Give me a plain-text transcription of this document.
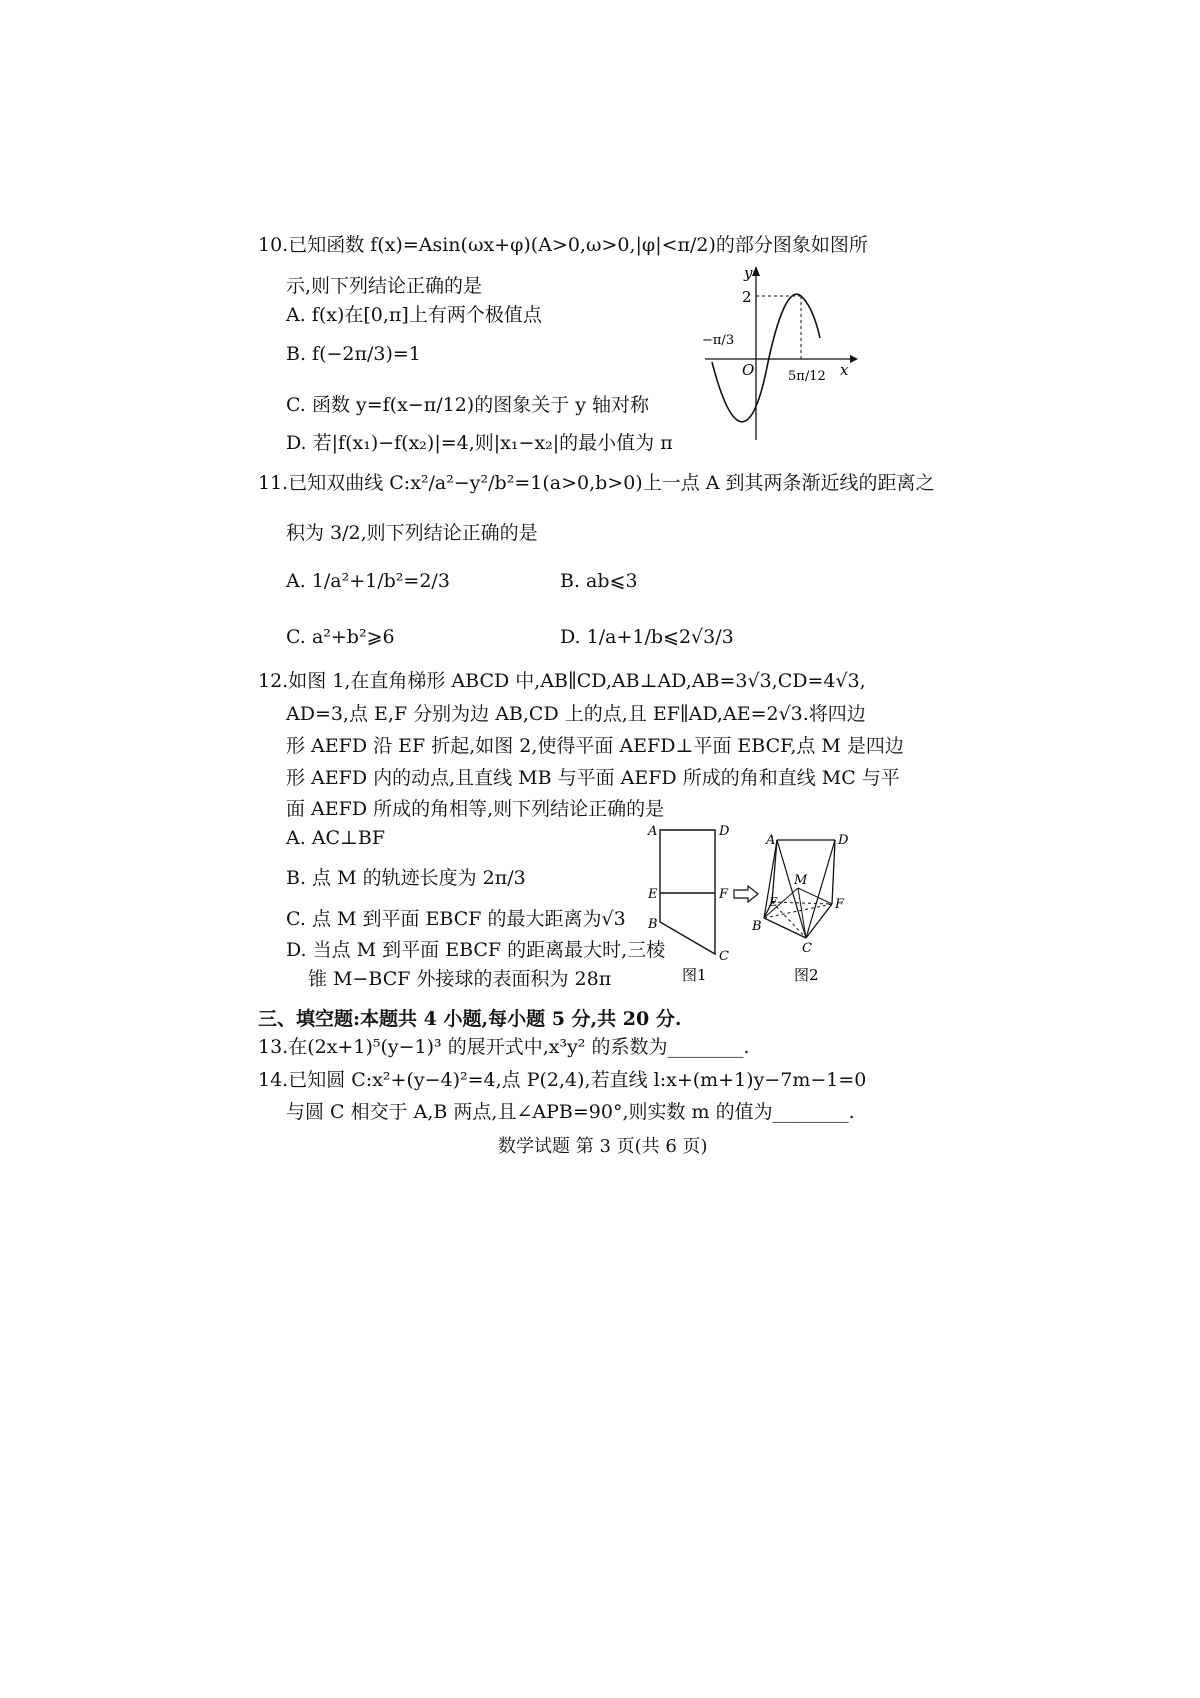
10.已知函数 f(x)=Asin(ωx+φ)(A>0,ω>0,|φ|<π/2)的部分图象如图所
示,则下列结论正确的是
A. f(x)在[0,π]上有两个极值点
B. f(−2π/3)=1
C. 函数 y=f(x−π/12)的图象关于 y 轴对称
D. 若|f(x₁)−f(x₂)|=4,则|x₁−x₂|的最小值为 π
y
x
O
2
−π/3
5π/12
11.已知双曲线 C:x²/a²−y²/b²=1(a>0,b>0)上一点 A 到其两条渐近线的距离之
积为 3/2,则下列结论正确的是
A. 1/a²+1/b²=2/3	B. ab⩽3
C. a²+b²⩾6	D. 1/a+1/b⩽2√3/3
12.如图 1,在直角梯形 ABCD 中,AB∥CD,AB⊥AD,AB=3√3,CD=4√3,
AD=3,点 E,F 分别为边 AB,CD 上的点,且 EF∥AD,AE=2√3.将四边
形 AEFD 沿 EF 折起,如图 2,使得平面 AEFD⊥平面 EBCF,点 M 是四边
形 AEFD 内的动点,且直线 MB 与平面 AEFD 所成的角和直线 MC 与平
面 AEFD 所成的角相等,则下列结论正确的是
A. AC⊥BF
B. 点 M 的轨迹长度为 2π/3
C. 点 M 到平面 EBCF 的最大距离为√3
D. 当点 M 到平面 EBCF 的距离最大时,三棱
锥 M−BCF 外接球的表面积为 28π
A	D
E	F
B
C
图1
A	D
M
E	F
B
C
图2
三、填空题:本题共 4 小题,每小题 5 分,共 20 分.
13.在(2x+1)⁵(y−1)³ 的展开式中,x³y² 的系数为________.
14.已知圆 C:x²+(y−4)²=4,点 P(2,4),若直线 l:x+(m+1)y−7m−1=0
与圆 C 相交于 A,B 两点,且∠APB=90°,则实数 m 的值为________.
数学试题 第 3 页(共 6 页)
